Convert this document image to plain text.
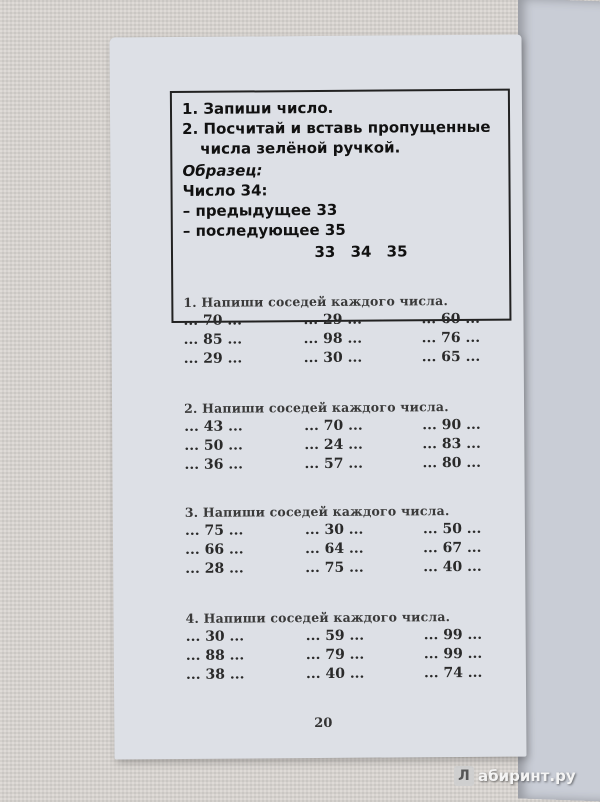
1. Запиши число.
2. Посчитай и вставь пропущенные
числа зелёной ручкой.
Образец:
Число 34:
– предыдущее 33
– последующее 35
33 34 35
1. Напиши соседей каждого числа.
... 70 ...	... 29 ...	... 60 ...
... 85 ...	... 98 ...	... 76 ...
... 29 ...	... 30 ...	... 65 ...
2. Напиши соседей каждого числа.
... 43 ...	... 70 ...	... 90 ...
... 50 ...	... 24 ...	... 83 ...
... 36 ...	... 57 ...	... 80 ...
3. Напиши соседей каждого числа.
... 75 ...	... 30 ...	... 50 ...
... 66 ...	... 64 ...	... 67 ...
... 28 ...	... 75 ...	... 40 ...
4. Напиши соседей каждого числа.
... 30 ...	... 59 ...	... 99 ...
... 88 ...	... 79 ...	... 99 ...
... 38 ...	... 40 ...	... 74 ...
20
Л абиринт.ру
